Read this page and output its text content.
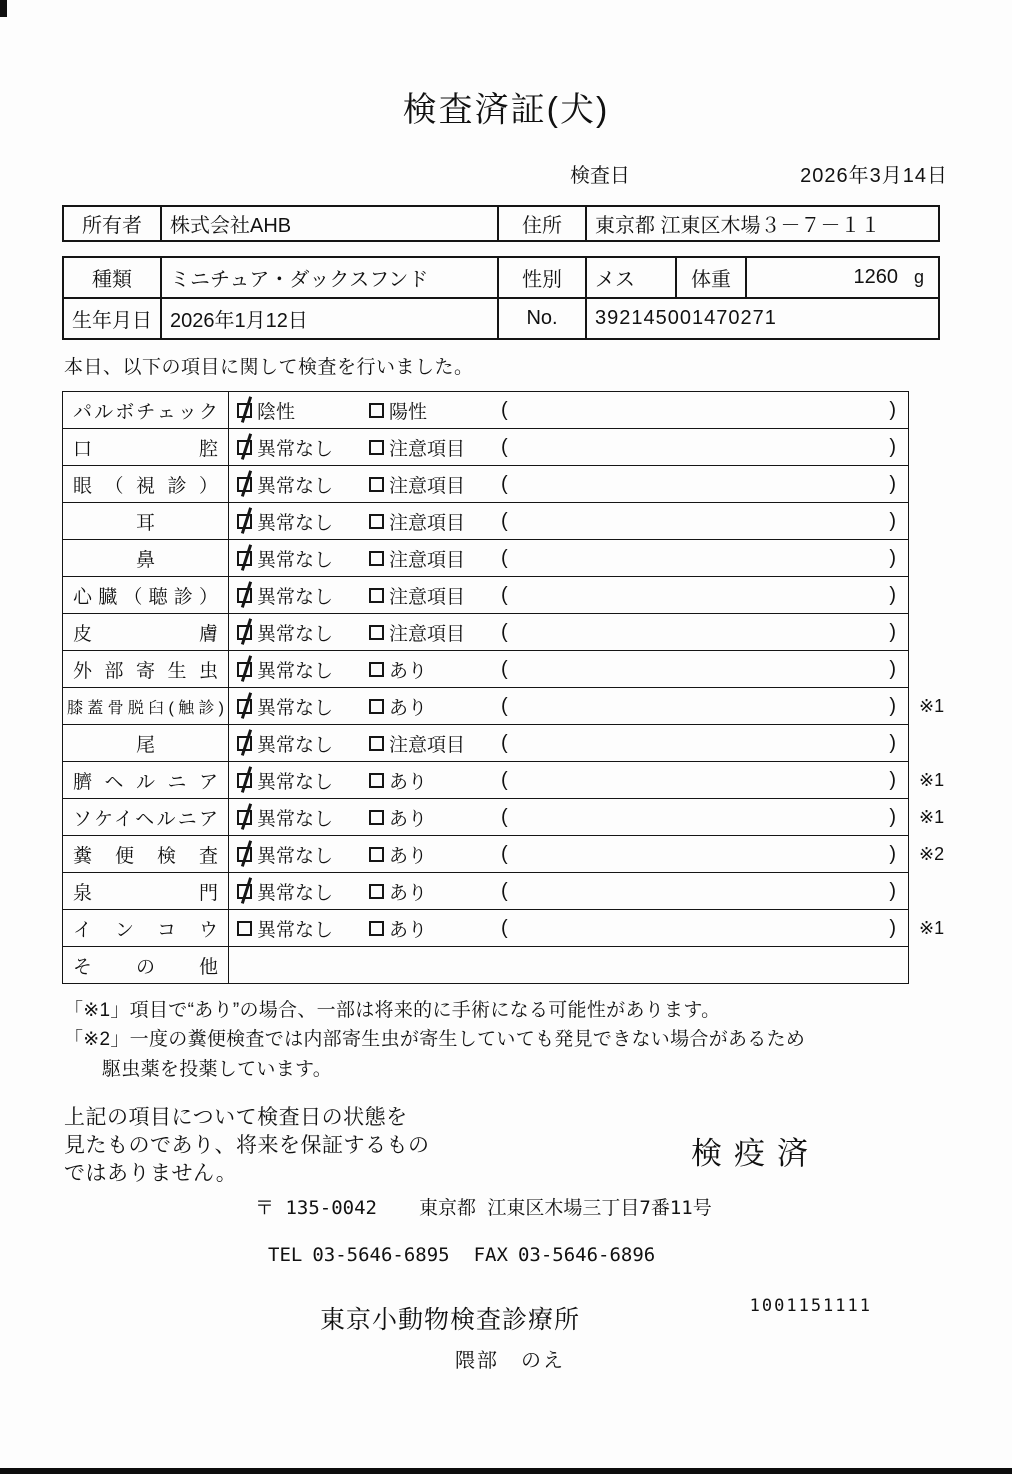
検査済証(犬)
検査日	2026年3月14日
所有者	株式会社AHB	住所	東京都 江東区木場３－７－１１
種類	ミニチュア・ダックスフンド	性別	メス	体重	1260 g

生年月日	2026年1月12日	No.	392145001470271		

本日、以下の項目に関して検査を行いました。

パルボチェック	陰性 陽性 ( )	

口腔	異常なし 注意項目 ( )	

眼（視診）	異常なし 注意項目 ( )	

耳	異常なし 注意項目 ( )	

鼻	異常なし 注意項目 ( )	

心臓（聴診）	異常なし 注意項目 ( )	

皮膚	異常なし 注意項目 ( )	

外部寄生虫	異常なし あり ( )	

膝蓋骨脱臼(触診)	異常なし あり ( )	※1
尾	異常なし 注意項目 ( )	

臍ヘルニア	異常なし あり ( )	※1
ソケイヘルニア	異常なし あり ( )	※1
糞便検査	異常なし あり ( )	※2
泉門	異常なし あり ( )	

インコウ	異常なし あり ( )	※1
その他	

「※1」項目で“あり”の場合、一部は将来的に手術になる可能性があります。

「※2」一度の糞便検査では内部寄生虫が寄生していても発見できない場合があるため

駆虫薬を投薬しています。

上記の項目について検査日の状態を
見たものであり、将来を保証するもの
ではありません。
検疫済
〒 135-0042 東京都 江東区木場三丁目7番11号
TEL 03-5646-6895 FAX 03-5646-6896
東京小動物検査診療所
隈部　のえ
1001151111
